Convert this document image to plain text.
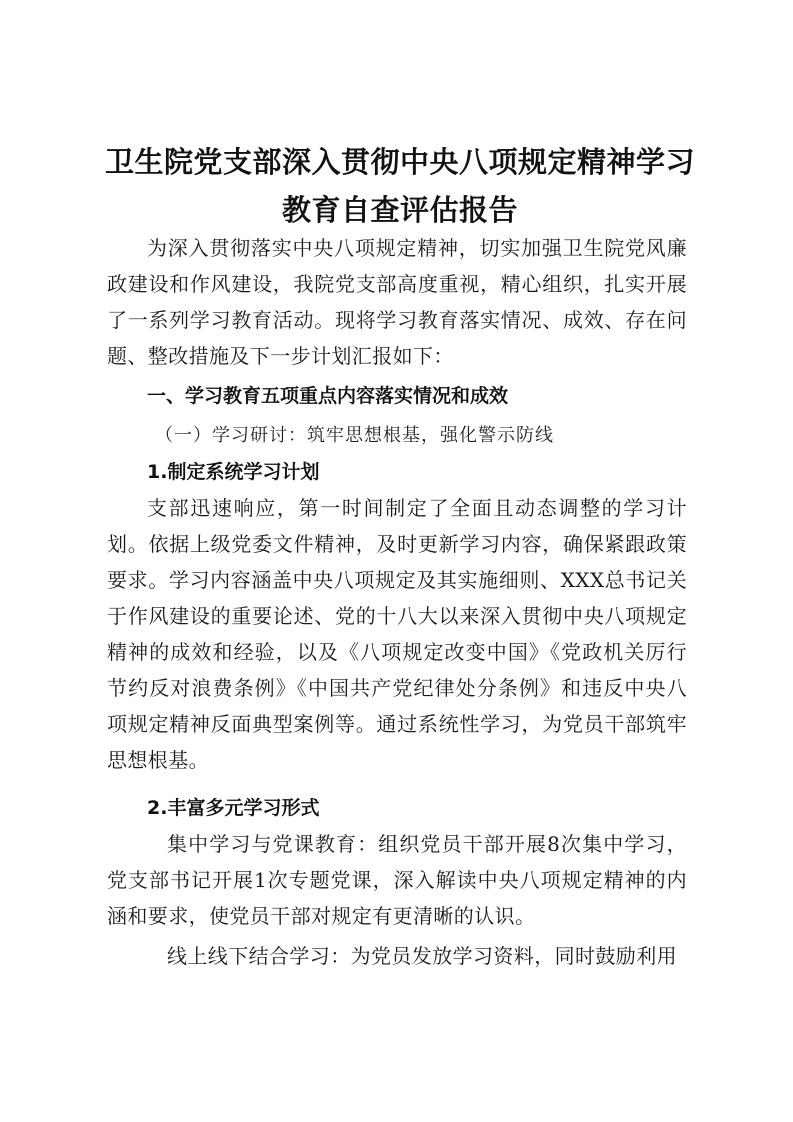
卫生院党支部深入贯彻中央八项规定精神学习
教育自查评估报告

为深入贯彻落实中央八项规定精神，切实加强卫生院党风廉政建设和作风建设，我院党支部高度重视，精心组织，扎实开展了一系列学习教育活动。现将学习教育落实情况、成效、存在问题、整改措施及下一步计划汇报如下：

一、学习教育五项重点内容落实情况和成效

（一）学习研讨：筑牢思想根基，强化警示防线

1.制定系统学习计划

支部迅速响应，第一时间制定了全面且动态调整的学习计划。依据上级党委文件精神，及时更新学习内容，确保紧跟政策要求。学习内容涵盖中央八项规定及其实施细则、XXX总书记关于作风建设的重要论述、党的十八大以来深入贯彻中央八项规定精神的成效和经验，以及《八项规定改变中国》《党政机关厉行节约反对浪费条例》《中国共产党纪律处分条例》和违反中央八项规定精神反面典型案例等。通过系统性学习，为党员干部筑牢思想根基。

2.丰富多元学习形式

集中学习与党课教育：组织党员干部开展8次集中学习，党支部书记开展1次专题党课，深入解读中央八项规定精神的内涵和要求，使党员干部对规定有更清晰的认识。

线上线下结合学习：为党员发放学习资料，同时鼓励利用
